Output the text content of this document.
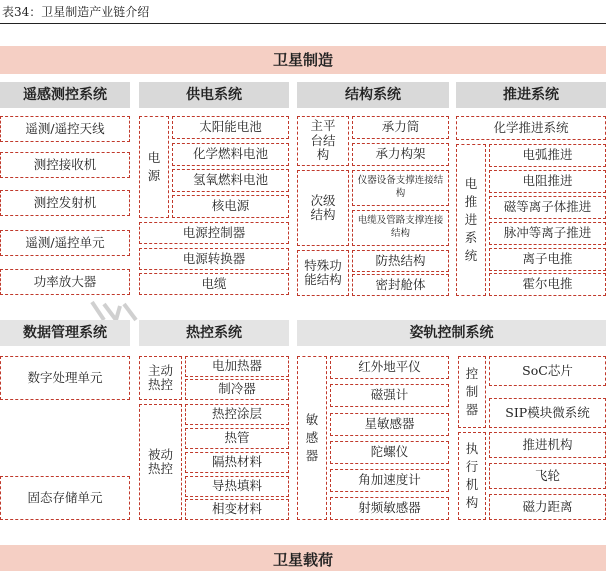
表34：卫星制造产业链介绍
卫星制造
遥感测控系统	供电系统	结构系统	推进系统
遥测/遥控天线
测控接收机
测控发射机
遥测/遥控单元
功率放大器
电
源
太阳能电池
化学燃料电池
氢氧燃料电池
核电源
电源控制器
电源转换器
电缆
主平
台结
构
承力筒
承力构架
次级
结构
仪器设备支撑连接结构
电缆及管路支撑连接结构
特殊功
能结构
防热结构
密封舱体
化学推进系统
电
推
进
系
统
电弧推进
电阻推进
磁等离子体推进
脉冲等离子推进
离子电推
霍尔电推
数据管理系统	热控系统	姿轨控制系统
数字处理单元
固态存储单元
主动
热控
电加热器
制冷器
被动
热控
热控涂层
热管
隔热材料
导热填料
相变材料
敏
感
器
红外地平仪
磁强计
星敏感器
陀螺仪
角加速度计
射频敏感器
控
制
器
SoC芯片
SIP模块微系统
执
行
机
构
推进机构
飞轮
磁力距离
卫星载荷
